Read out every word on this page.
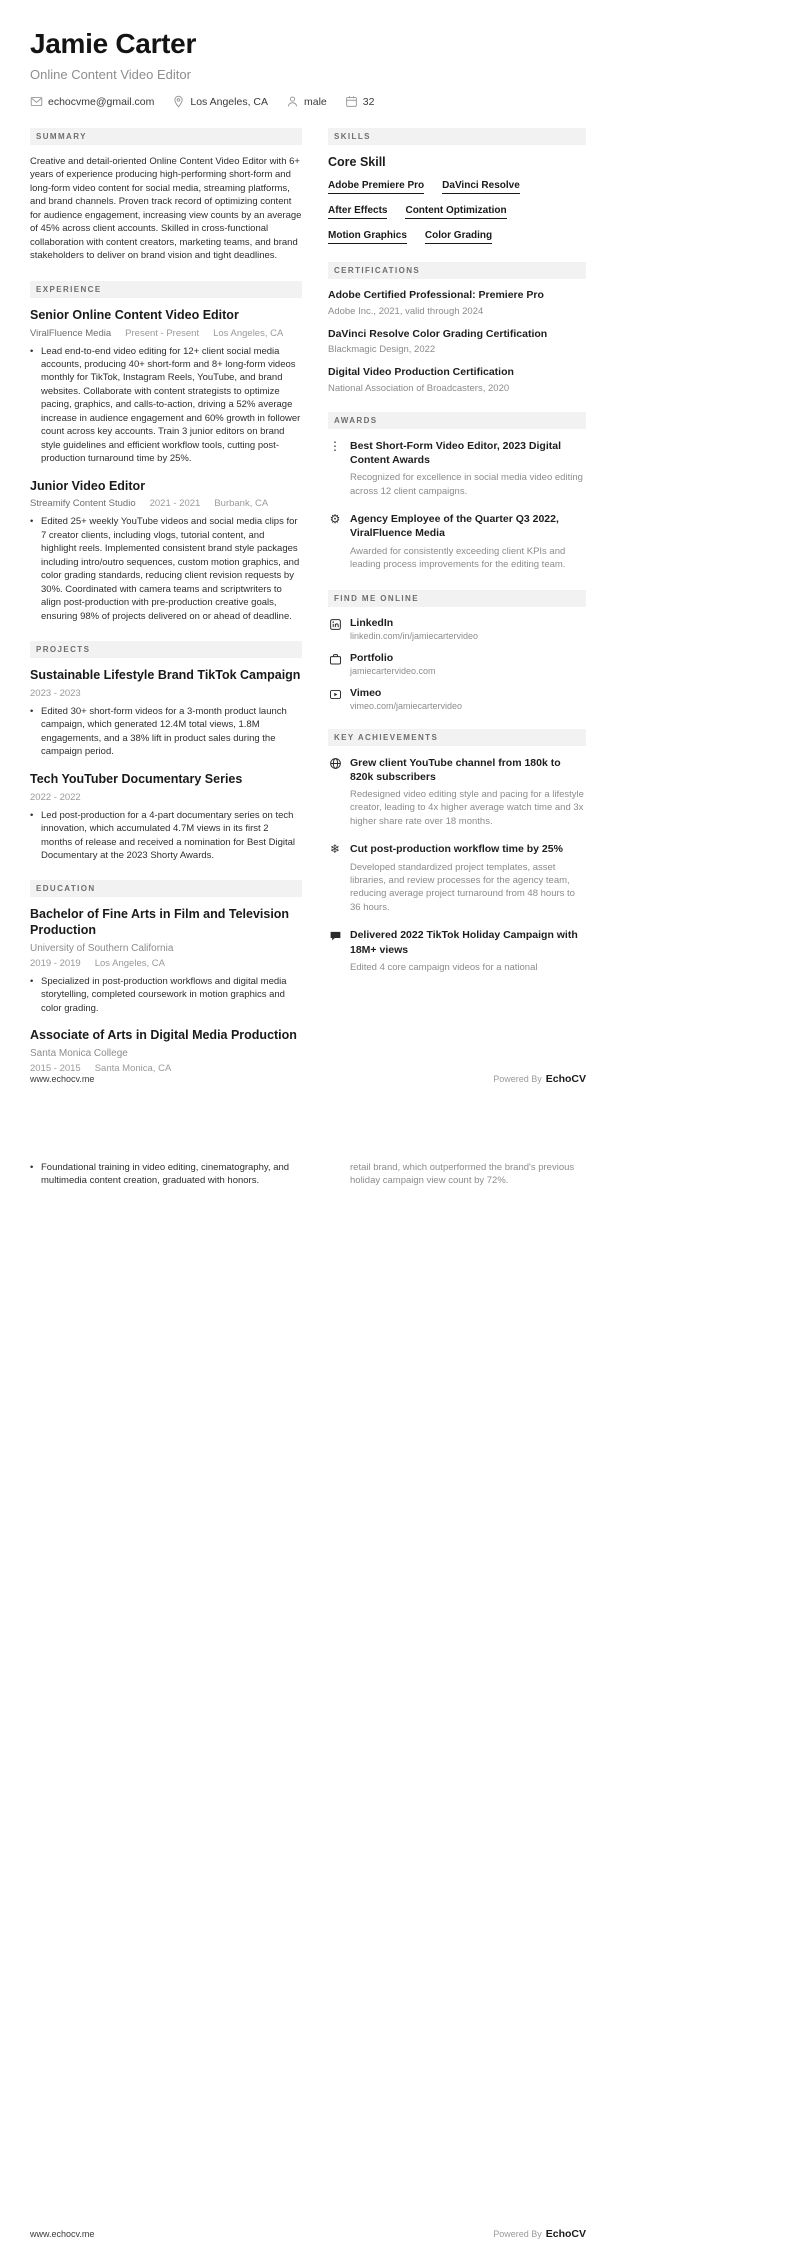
Jamie Carter
Online Content Video Editor
echocvme@gmail.com	Los Angeles, CA	male	32
SUMMARY

Creative and detail-oriented Online Content Video Editor with 6+ years of experience producing high-performing short-form and long-form video content for social media, streaming platforms, and brand channels. Proven track record of optimizing content for audience engagement, increasing view counts by an average of 45% across client accounts. Skilled in cross-functional collaboration with content creators, marketing teams, and brand stakeholders to deliver on brand vision and tight deadlines.

EXPERIENCE
Senior Online Content Video Editor
ViralFluence Media Present - Present Los Angeles, CA
• Lead end-to-end video editing for 12+ client social media accounts, producing 40+ short-form and 8+ long-form videos monthly for TikTok, Instagram Reels, YouTube, and brand websites. Collaborate with content strategists to optimize pacing, graphics, and calls-to-action, driving a 52% average increase in audience engagement and 60% growth in follower count across key accounts. Train 3 junior editors on brand style guidelines and efficient workflow tools, cutting post-production turnaround time by 25%.
Junior Video Editor
Streamify Content Studio 2021 - 2021 Burbank, CA
• Edited 25+ weekly YouTube videos and social media clips for 7 creator clients, including vlogs, tutorial content, and highlight reels. Implemented consistent brand style packages including intro/outro sequences, custom motion graphics, and color grading standards, reducing client revision requests by 30%. Coordinated with camera teams and scriptwriters to align post-production with pre-production creative goals, ensuring 98% of projects delivered on or ahead of deadline.
PROJECTS
Sustainable Lifestyle Brand TikTok Campaign
2023 - 2023
• Edited 30+ short-form videos for a 3-month product launch campaign, which generated 12.4M total views, 1.8M engagements, and a 38% lift in product sales during the campaign period.
Tech YouTuber Documentary Series
2022 - 2022
• Led post-production for a 4-part documentary series on tech innovation, which accumulated 4.7M views in its first 2 months of release and received a nomination for Best Digital Documentary at the 2023 Shorty Awards.
EDUCATION
Bachelor of Fine Arts in Film and Television Production
University of Southern California
2019 - 2019 Los Angeles, CA
• Specialized in post-production workflows and digital media storytelling, completed coursework in motion graphics and color grading.
Associate of Arts in Digital Media Production
Santa Monica College
2015 - 2015 Santa Monica, CA
SKILLS
Core Skill
Adobe Premiere Pro DaVinci Resolve
After Effects Content Optimization
Motion Graphics Color Grading
CERTIFICATIONS
Adobe Certified Professional: Premiere Pro
Adobe Inc., 2021, valid through 2024
DaVinci Resolve Color Grading Certification
Blackmagic Design, 2022
Digital Video Production Certification
National Association of Broadcasters, 2020
AWARDS
⋮ Best Short-Form Video Editor, 2023 Digital Content Awards
Recognized for excellence in social media video editing across 12 client campaigns.
⚙ Agency Employee of the Quarter Q3 2022, ViralFluence Media
Awarded for consistently exceeding client KPIs and leading process improvements for the editing team.
FIND ME ONLINE
LinkedIn
linkedin.com/in/jamiecartervideo
Portfolio
jamiecartervideo.com
Vimeo
vimeo.com/jamiecartervideo
KEY ACHIEVEMENTS
Grew client YouTube channel from 180k to 820k subscribers
Redesigned video editing style and pacing for a lifestyle creator, leading to 4x higher average watch time and 3x higher share rate over 18 months.
❄ Cut post-production workflow time by 25%
Developed standardized project templates, asset libraries, and review processes for the agency team, reducing average project turnaround from 48 hours to 36 hours.
Delivered 2022 TikTok Holiday Campaign with 18M+ views
Edited 4 core campaign videos for a national
www.echocv.me	Powered By EchoCV
• Foundational training in video editing, cinematography, and multimedia content creation, graduated with honors.

retail brand, which outperformed the brand's previous holiday campaign view count by 72%.

www.echocv.me	Powered By EchoCV
